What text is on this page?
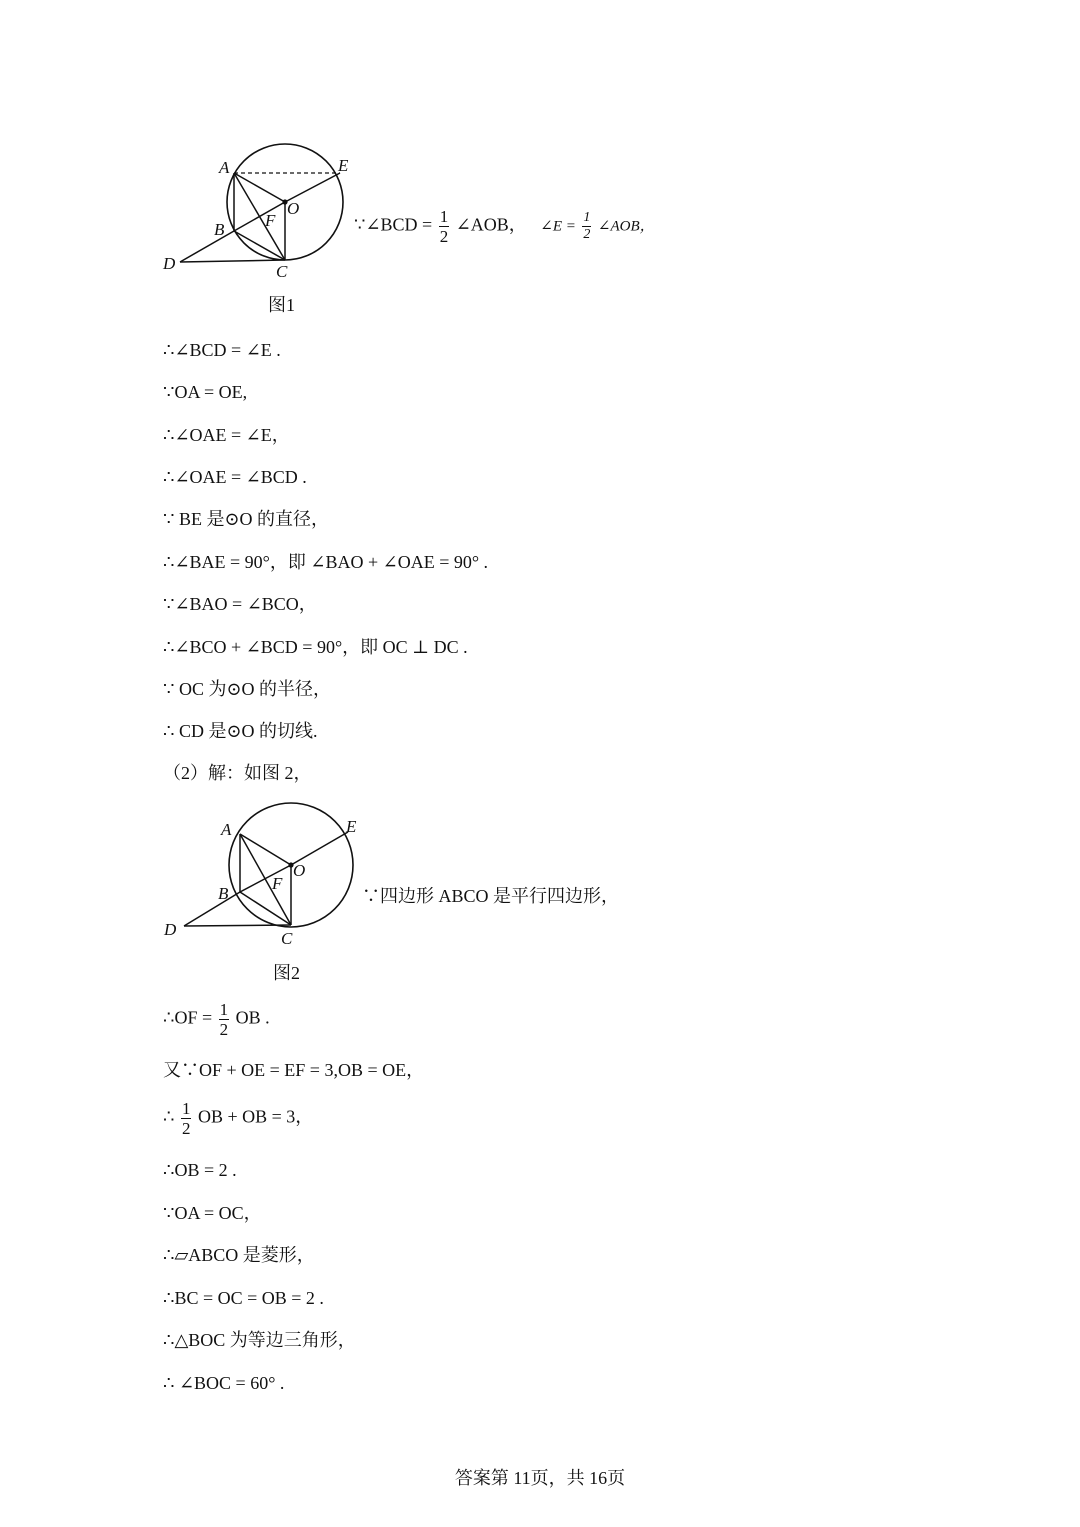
A	E
O
F
B
D	C
图1
∵∠BCD = $\frac{1}{2}$ ∠AOB， ∠E = $\frac{1}{2}$ ∠AOB，
∴∠BCD = ∠E .
∵OA = OE,
∴∠OAE = ∠E，
∴∠OAE = ∠BCD .
∵ BE 是⊙O 的直径，
∴∠BAE = 90°，即 ∠BAO + ∠OAE = 90° .
∵∠BAO = ∠BCO，
∴∠BCO + ∠BCD = 90°，即 OC ⊥ DC .
∵ OC 为⊙O 的半径，
∴ CD 是⊙O 的切线.
（2）解：如图 2，
A	E
O
F
B
D	C
图2
∵四边形 ABCO 是平行四边形，
∴OF = $\frac{1}{2}$ OB .
又∵OF + OE = EF = 3,OB = OE，
∴ $\frac{1}{2}$ OB + OB = 3，
∴OB = 2 .
∵OA = OC，
∴▱ABCO 是菱形，
∴BC = OC = OB = 2 .
∴△BOC 为等边三角形，
∴ ∠BOC = 60° .
答案第 11页，共 16页
